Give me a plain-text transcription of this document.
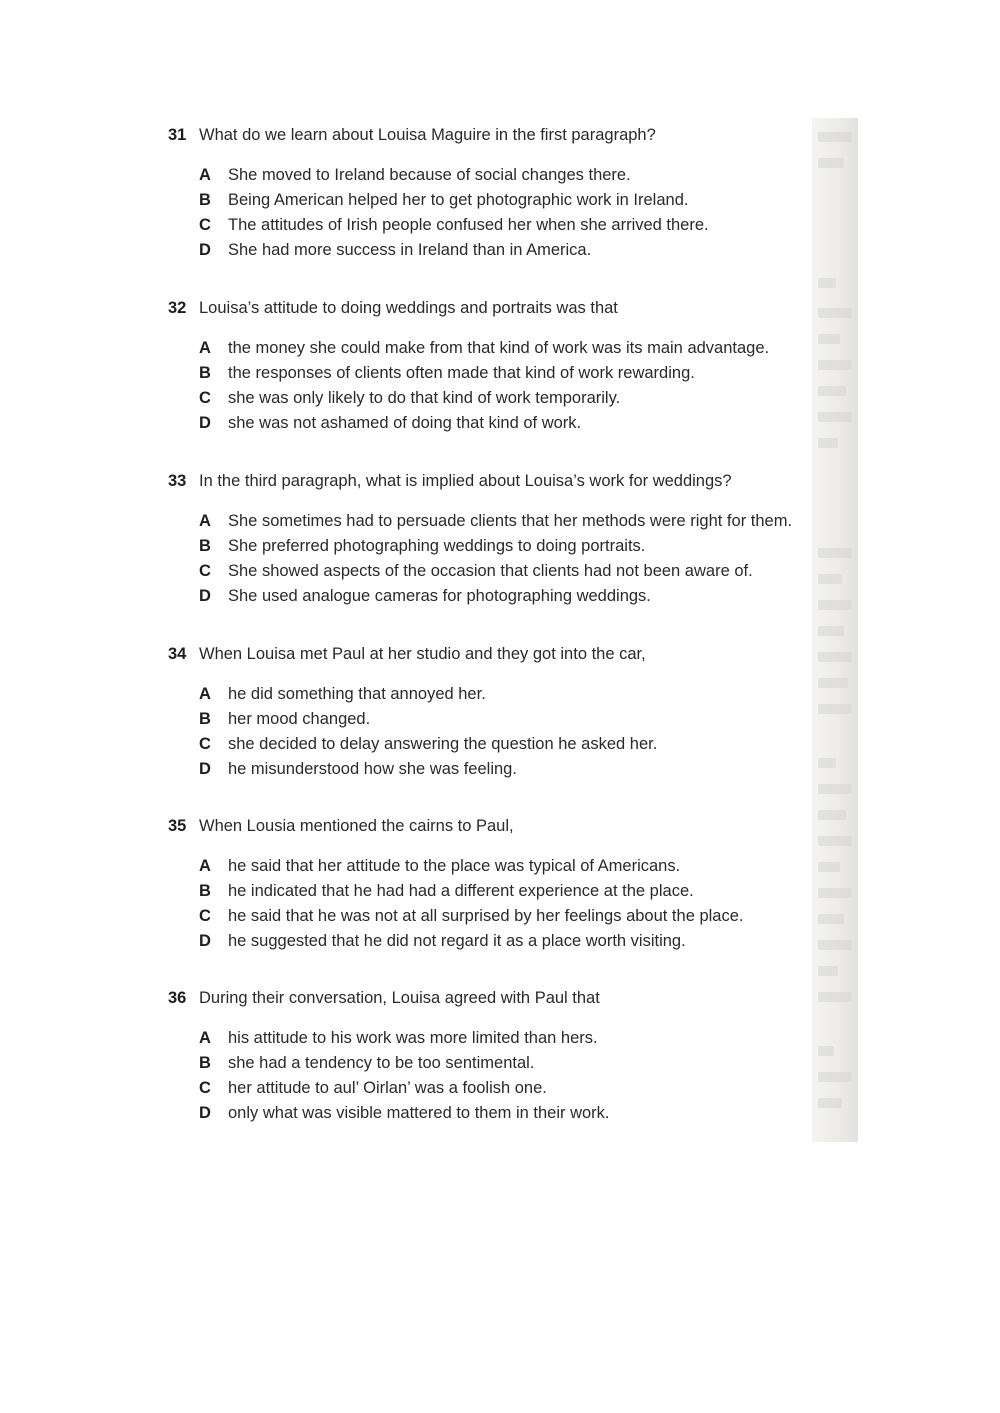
31 What do we learn about Louisa Maguire in the first paragraph?
A She moved to Ireland because of social changes there.
B Being American helped her to get photographic work in Ireland.
C The attitudes of Irish people confused her when she arrived there.
D She had more success in Ireland than in America.
32 Louisa’s attitude to doing weddings and portraits was that
A the money she could make from that kind of work was its main advantage.
B the responses of clients often made that kind of work rewarding.
C she was only likely to do that kind of work temporarily.
D she was not ashamed of doing that kind of work.
33 In the third paragraph, what is implied about Louisa’s work for weddings?
A She sometimes had to persuade clients that her methods were right for them.
B She preferred photographing weddings to doing portraits.
C She showed aspects of the occasion that clients had not been aware of.
D She used analogue cameras for photographing weddings.
34 When Louisa met Paul at her studio and they got into the car,
A he did something that annoyed her.
B her mood changed.
C she decided to delay answering the question he asked her.
D he misunderstood how she was feeling.
35 When Lousia mentioned the cairns to Paul,
A he said that her attitude to the place was typical of Americans.
B he indicated that he had had a different experience at the place.
C he said that he was not at all surprised by her feelings about the place.
D he suggested that he did not regard it as a place worth visiting.
36 During their conversation, Louisa agreed with Paul that
A his attitude to his work was more limited than hers.
B she had a tendency to be too sentimental.
C her attitude to aul’ Oirlan’ was a foolish one.
D only what was visible mattered to them in their work.
